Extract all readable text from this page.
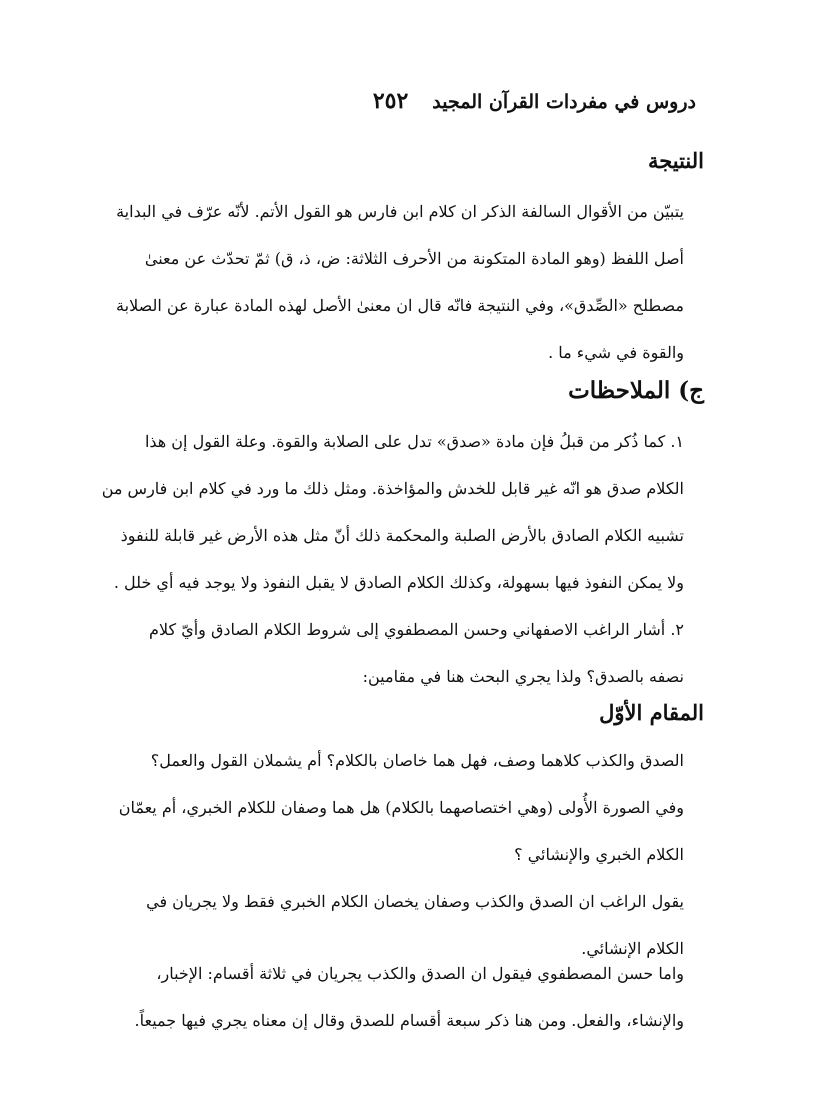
دروس في مفردات القرآن المجيد
٢٥٢
النتيجة

يتبيّن من الأقوال السالفة الذكر ان كلام ابن فارس هو القول الأتم. لأنّه عرّف في البداية
أصل اللفظ (وهو المادة المتكونة من الأحرف الثلاثة: ض، ذ، ق) ثمّ تحدّث عن معنىٰ
مصطلح «الصِّدق»، وفي النتيجة فانّه قال ان معنىٰ الأصل لهذه المادة عبارة عن الصلابة
والقوة في شيء ما .

ج) الملاحظات

١. كما ذُكر من قبلُ فإن مادة «صدق» تدل على الصلابة والقوة. وعلة القول إن هذا
الكلام صدق هو انّه غير قابل للخدش والمؤاخذة. ومثل ذلك ما ورد في كلام ابن فارس من
تشبيه الكلام الصادق بالأرض الصلبة والمحكمة ذلك أنّ مثل هذه الأرض غير قابلة للنفوذ
ولا يمكن النفوذ فيها بسهولة، وكذلك الكلام الصادق لا يقبل النفوذ ولا يوجد فيه أي خلل .

٢. أشار الراغب الاصفهاني وحسن المصطفوي إلى شروط الكلام الصادق وأيّ كلام
نصفه بالصدق؟ ولذا يجري البحث هنا في مقامين:

المقام الأوّل

الصدق والكذب كلاهما وصف، فهل هما خاصان بالكلام؟ أم يشملان القول والعمل؟
وفي الصورة الأُولى (وهي اختصاصهما بالكلام) هل هما وصفان للكلام الخبري، أم يعمّان
الكلام الخبري والإنشائي ؟

يقول الراغب ان الصدق والكذب وصفان يخصان الكلام الخبري فقط ولا يجريان في
الكلام الإنشائي.

واما حسن المصطفوي فيقول ان الصدق والكذب يجريان في ثلاثة أقسام: الإخبار،
والإنشاء، والفعل. ومن هنا ذكر سبعة أقسام للصدق وقال إن معناه يجري فيها جميعاً.
